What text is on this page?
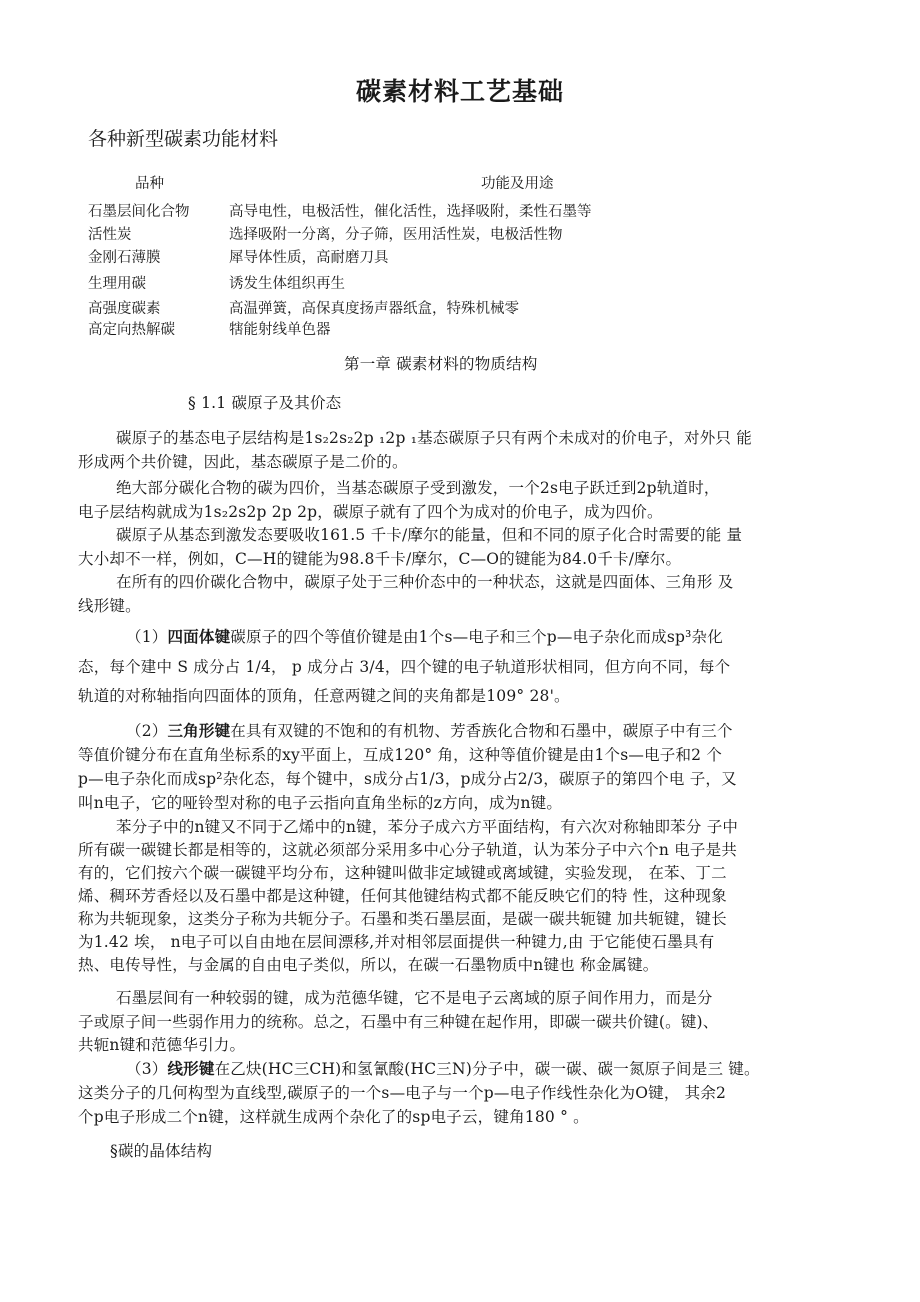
碳素材料工艺基础
各种新型碳素功能材料
品种	功能及用途
石墨层间化合物	高导电性，电极活性，催化活性，选择吸附，柔性石墨等
活性炭	选择吸附一分离，分子筛，医用活性炭，电极活性物
金刚石薄膜	犀导体性质，高耐磨刀具
生理用碳	诱发生体组织再生
高强度碳素	高温弹簧，高保真度扬声器纸盒，特殊机械零
高定向热解碳	犗能射线单色器
第一章 碳素材料的物质结构
§ 1.1 碳原子及其价态
碳原子的基态电子层结构是1s₂2s₂2p ₁2p ₁基态碳原子只有两个未成对的价电子，对外只 能
形成两个共价键，因此，基态碳原子是二价的。
绝大部分碳化合物的碳为四价，当基态碳原子受到激发，一个2s电子跃迁到2p轨道时，
电子层结构就成为1s₂2s2p 2p 2p，碳原子就有了四个为成对的价电子，成为四价。
碳原子从基态到激发态要吸收161.5 千卡/摩尔的能量，但和不同的原子化合时需要的能 量
大小却不一样，例如，C—H的键能为98.8千卡/摩尔，C—O的键能为84.0千卡/摩尔。
在所有的四价碳化合物中，碳原子处于三种价态中的一种状态，这就是四面体、三角形 及
线形键。
（1）四面体键碳原子的四个等值价键是由1个s—电子和三个p—电子杂化而成sp³杂化
态，每个建中 S 成分占 1/4， p 成分占 3/4，四个键的电子轨道形状相同，但方向不同，每个
轨道的对称轴指向四面体的顶角，任意两键之间的夹角都是109° 28'。
（2）三角形键在具有双键的不饱和的有机物、芳香族化合物和石墨中，碳原子中有三个
等值价键分布在直角坐标系的xy平面上，互成120° 角，这种等值价键是由1个s—电子和2 个
p—电子杂化而成sp²杂化态，每个键中，s成分占1/3，p成分占2/3，碳原子的第四个电 子，又
叫n电子，它的哑铃型对称的电子云指向直角坐标的z方向，成为n键。
苯分子中的n键又不同于乙烯中的n键，苯分子成六方平面结构，有六次对称轴即苯分 子中
所有碳一碳键长都是相等的，这就必须部分采用多中心分子轨道，认为苯分子中六个n 电子是共
有的，它们按六个碳一碳键平均分布，这种键叫做非定域键或离域键，实验发现， 在苯、丁二
烯、稠环芳香烃以及石墨中都是这种键，任何其他键结构式都不能反映它们的特 性，这种现象
称为共轭现象，这类分子称为共轭分子。石墨和类石墨层面，是碳一碳共轭键 加共轭键，键长
为1.42 埃， n电子可以自由地在层间漂移,并对相邻层面提供一种键力,由 于它能使石墨具有
热、电传导性，与金属的自由电子类似，所以，在碳一石墨物质中n键也 称金属键。
石墨层间有一种较弱的键，成为范德华键，它不是电子云离域的原子间作用力，而是分
子或原子间一些弱作用力的统称。总之，石墨中有三种键在起作用，即碳一碳共价键(。键)、
共轭n键和范德华引力。
（3）线形键在乙炔(HC三CH)和氢氰酸(HC三N)分子中，碳一碳、碳一氮原子间是三 键。
这类分子的几何构型为直线型,碳原子的一个s—电子与一个p—电子作线性杂化为O键， 其余2
个p电子形成二个n键，这样就生成两个杂化了的sp电子云，键角180 ° 。
§碳的晶体结构
